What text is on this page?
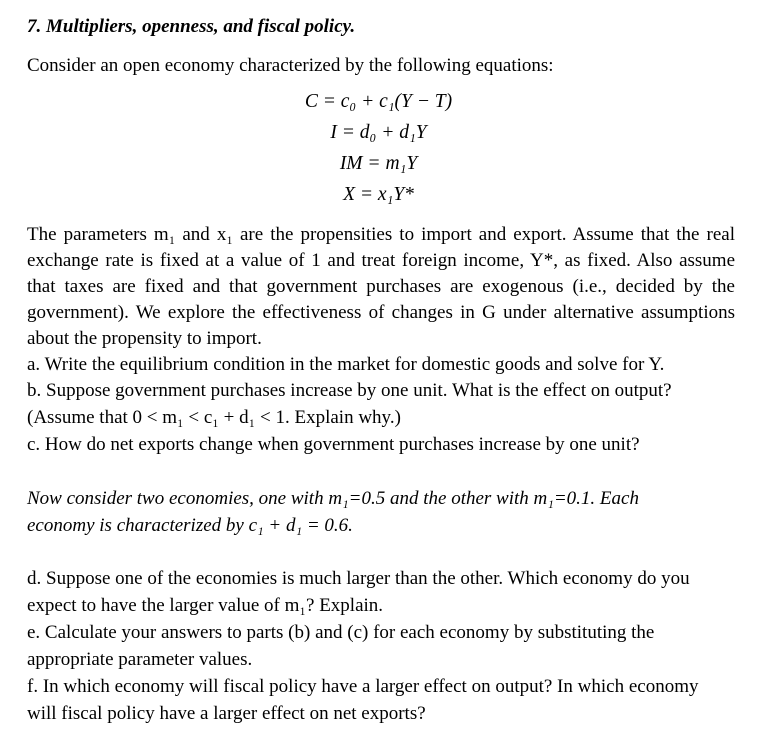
7. Multipliers, openness, and fiscal policy.
Consider an open economy characterized by the following equations:
C = c₀ + c₁(Y − T)
I = d₀ + d₁Y
IM = m₁Y
X = x₁Y*
The parameters m₁ and x₁ are the propensities to import and export. Assume that the real
exchange rate is fixed at a value of 1 and treat foreign income, Y*, as fixed. Also assume
that taxes are fixed and that government purchases are exogenous (i.e., decided by the
government). We explore the effectiveness of changes in G under alternative assumptions
about the propensity to import.
a. Write the equilibrium condition in the market for domestic goods and solve for Y.
b. Suppose government purchases increase by one unit. What is the effect on output?
(Assume that 0 < m₁ < c₁ + d₁ < 1. Explain why.)
c. How do net exports change when government purchases increase by one unit?
Now consider two economies, one with m₁=0.5 and the other with m₁=0.1. Each
economy is characterized by c₁ + d₁ = 0.6.
d. Suppose one of the economies is much larger than the other. Which economy do you
expect to have the larger value of m₁? Explain.
e. Calculate your answers to parts (b) and (c) for each economy by substituting the
appropriate parameter values.
f. In which economy will fiscal policy have a larger effect on output? In which economy
will fiscal policy have a larger effect on net exports?
